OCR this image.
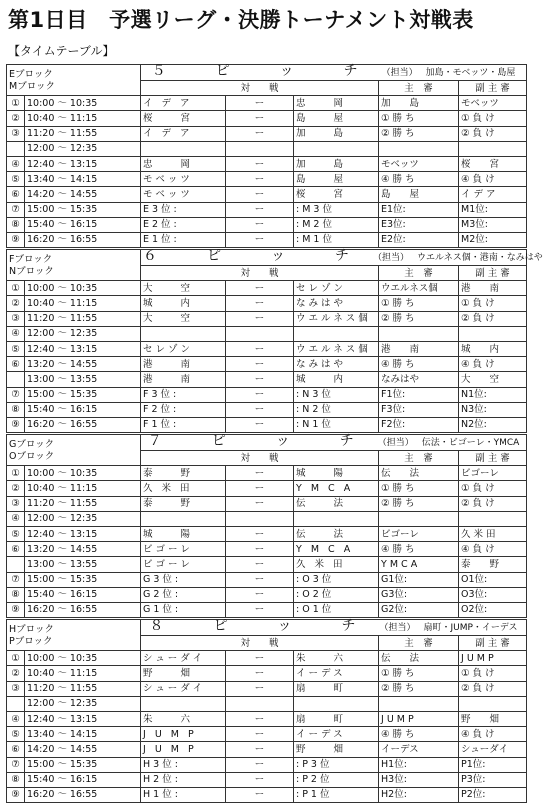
第1日目　予選リーグ・決勝トーナメント対戦表
【タイムテーブル】
Eブロック
Mブロック		５　ピ　ッ　チ （担当） 加島・モベッツ・島屋				
		対　　戦			主　審	副 主 審
①	10:00 ～ 10:35	イ デ ア	ー	忠　　岡	加　　島	モベッツ
②	10:40 ～ 11:15	桜　　宮	ー	島　　屋	① 勝 ち	① 負 け
③	11:20 ～ 11:55	イ デ ア	ー	加　　島	② 勝 ち	② 負 け
	12:00 ～ 12:35					
④	12:40 ～ 13:15	忠　　岡	ー	加　　島	モベッツ	桜　　宮
⑤	13:40 ～ 14:15	モベッツ	ー	島　　屋	④ 勝 ち	④ 負 け
⑥	14:20 ～ 14:55	モベッツ	ー	桜　　宮	島　　屋	イ デ ア
⑦	15:00 ～ 15:35	E3位:	ー	:M3位	E1位:	M1位:
⑧	15:40 ～ 16:15	E2位:	ー	:M2位	E3位:	M3位:
⑨	16:20 ～ 16:55	E1位:	ー	:M1位	E2位:	M2位:
Fブロック
Nブロック		６　ピ　ッ　チ （担当） ウエルネス個・港南・なみはや				
		対　　戦			主　審	副 主 審
①	10:00 ～ 10:35	大　　空	ー	セレゾン	ウエルネス個	港　　南
②	10:40 ～ 11:15	城　　内	ー	なみはや	① 勝 ち	① 負 け
③	11:20 ～ 11:55	大　　空	ー	ウエルネス個	② 勝 ち	② 負 け
④	12:00 ～ 12:35					
⑤	12:40 ～ 13:15	セレゾン	ー	ウエルネス個	港　　南	城　　内
⑥	13:20 ～ 14:55	港　　南	ー	なみはや	④ 勝 ち	④ 負 け
	13:00 ～ 13:55	港　　南	ー	城　　内	なみはや	大　　空
⑦	15:00 ～ 15:35	F3位:	ー	:N3位	F1位:	N1位:
⑧	15:40 ～ 16:15	F2位:	ー	:N2位	F3位:	N3位:
⑨	16:20 ～ 16:55	F1位:	ー	:N1位	F2位:	N2位:
Gブロック
Oブロック		７　ピ　ッ　チ （担当） 伝法・ビゴーレ・YMCA				
		対　　戦			主　審	副 主 審
①	10:00 ～ 10:35	泰　　野	ー	城　　陽	伝　　法	ビゴーレ
②	10:40 ～ 11:15	久 米 田	ー	Y M C A	① 勝 ち	① 負 け
③	11:20 ～ 11:55	泰　　野	ー	伝　　法	② 勝 ち	② 負 け
④	12:00 ～ 12:35					
⑤	12:40 ～ 13:15	城　　陽	ー	伝　　法	ビゴーレ	久 米 田
⑥	13:20 ～ 14:55	ビゴーレ	ー	Y M C A	④ 勝 ち	④ 負 け
	13:00 ～ 13:55	ビゴーレ	ー	久 米 田	Y M C A	泰　　野
⑦	15:00 ～ 15:35	G3位:	ー	:O3位	G1位:	O1位:
⑧	15:40 ～ 16:15	G2位:	ー	:O2位	G3位:	O3位:
⑨	16:20 ～ 16:55	G1位:	ー	:O1位	G2位:	O2位:
Hブロック
Pブロック		８　ピ　ッ　チ （担当） 扇町・JUMP・イーデス				
		対　　戦			主　審	副 主 審
①	10:00 ～ 10:35	シューダイ	ー	朱　　六	伝　　法	J U M P
②	10:40 ～ 11:15	野　　畑	ー	イーデス	① 勝 ち	① 負 け
③	11:20 ～ 11:55	シューダイ	ー	扇　　町	② 勝 ち	② 負 け
	12:00 ～ 12:35					
④	12:40 ～ 13:15	朱　　六	ー	扇　　町	J U M P	野　　畑
⑤	13:40 ～ 14:15	J U M P	ー	イーデス	④ 勝 ち	④ 負 け
⑥	14:20 ～ 14:55	J U M P	ー	野　　畑	イーデス	シューダイ
⑦	15:00 ～ 15:35	H3位:	ー	:P3位	H1位:	P1位:
⑧	15:40 ～ 16:15	H2位:	ー	:P2位	H3位:	P3位:
⑨	16:20 ～ 16:55	H1位:	ー	:P1位	H2位:	P2位:
